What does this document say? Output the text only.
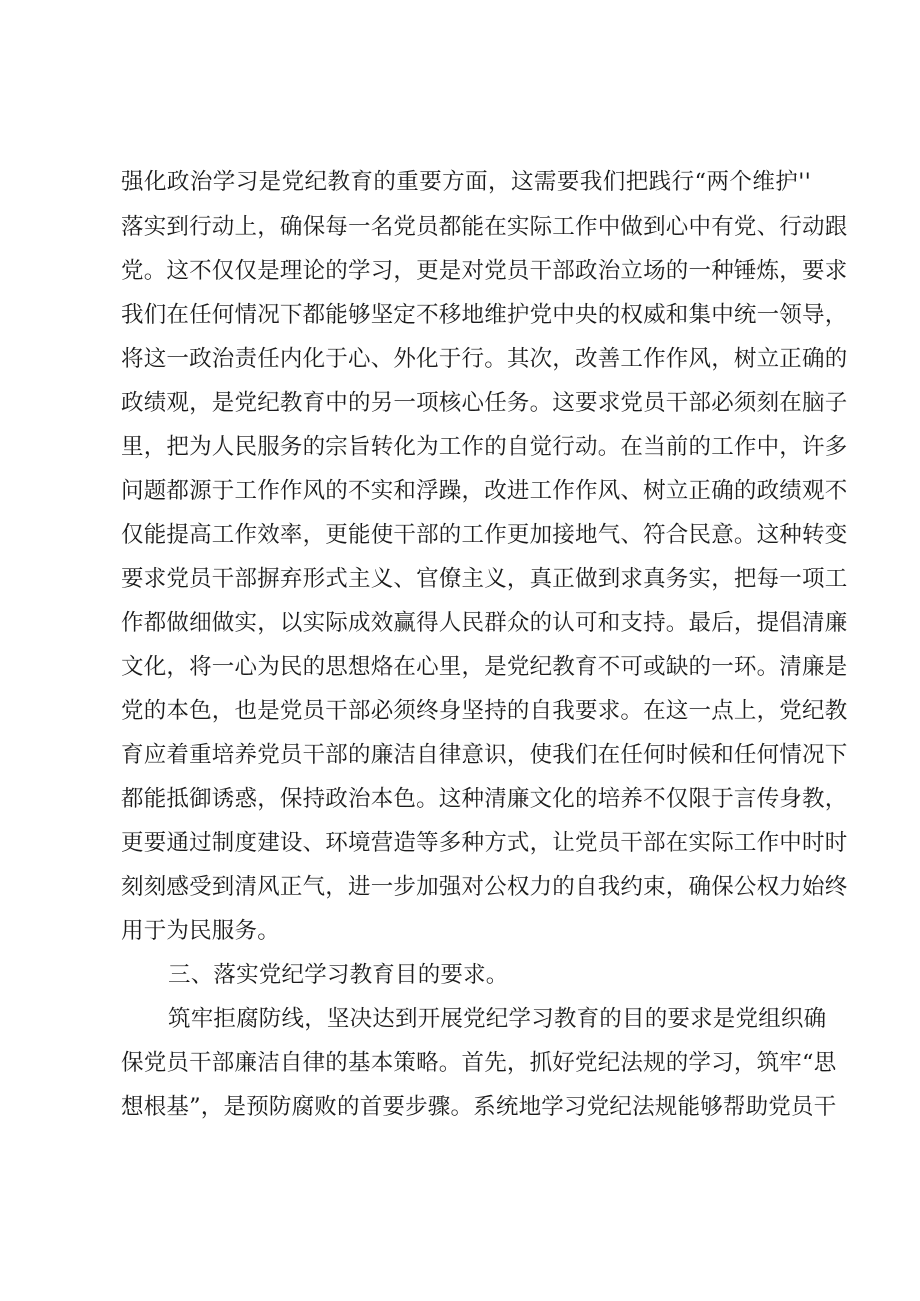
强化政治学习是党纪教育的重要方面，这需要我们把践行“两个维护''
落实到行动上，确保每一名党员都能在实际工作中做到心中有党、行动跟
党。这不仅仅是理论的学习，更是对党员干部政治立场的一种锤炼，要求
我们在任何情况下都能够坚定不移地维护党中央的权威和集中统一领导，
将这一政治责任内化于心、外化于行。其次，改善工作作风，树立正确的
政绩观，是党纪教育中的另一项核心任务。这要求党员干部必须刻在脑子
里，把为人民服务的宗旨转化为工作的自觉行动。在当前的工作中，许多
问题都源于工作作风的不实和浮躁，改进工作作风、树立正确的政绩观不
仅能提高工作效率，更能使干部的工作更加接地气、符合民意。这种转变
要求党员干部摒弃形式主义、官僚主义，真正做到求真务实，把每一项工
作都做细做实，以实际成效赢得人民群众的认可和支持。最后，提倡清廉
文化，将一心为民的思想烙在心里，是党纪教育不可或缺的一环。清廉是
党的本色，也是党员干部必须终身坚持的自我要求。在这一点上，党纪教
育应着重培养党员干部的廉洁自律意识，使我们在任何时候和任何情况下
都能抵御诱惑，保持政治本色。这种清廉文化的培养不仅限于言传身教，
更要通过制度建设、环境营造等多种方式，让党员干部在实际工作中时时
刻刻感受到清风正气，进一步加强对公权力的自我约束，确保公权力始终
用于为民服务。
三、落实党纪学习教育目的要求。
筑牢拒腐防线，坚决达到开展党纪学习教育的目的要求是党组织确
保党员干部廉洁自律的基本策略。首先，抓好党纪法规的学习，筑牢“思
想根基”，是预防腐败的首要步骤。系统地学习党纪法规能够帮助党员干
